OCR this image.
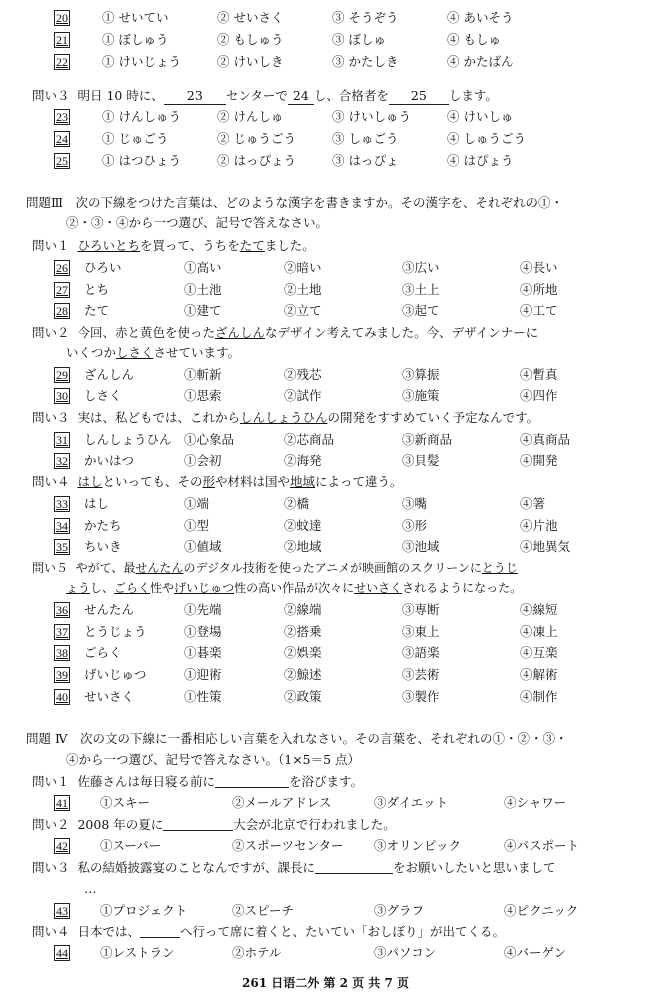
20	① せいてい	② せいさく	③ そうぞう	④ あいそう
21	① ぼしゅう	② もしゅう	③ ぼしゅ	④ もしゅ
22	① けいじょう	② けいしき	③ かたしき	④ かたばん
問い３ 明日 10 時に、 23 センターで 24 し、合格者を 25 します。
23	① けんしゅう	② けんしゅ	③ けいしゅう	④ けいしゅ
24	① じゅごう	② じゅうごう	③ しゅごう	④ しゅうごう
25	① はつひょう	② はっぴょう	③ はっぴょ	④ はぴょう
問題Ⅲ　次の下線をつけた言葉は、どのような漢字を書きますか。その漢字を、それぞれの①・
②・③・④から一つ選び、記号で答えなさい。
問い１ ひろいとちを買って、うちをたてました。
26 ひろい	①高い	②暗い	③広い	④長い
27 とち	①土池	②土地	③土上	④所地
28 たて	①建て	②立て	③起て	④工て
問い２ 今回、赤と黄色を使ったざんしんなデザイン考えてみました。今、デザインナーに
いくつかしさくさせています。
29 ざんしん	①斬新	②残芯	③算振	④暫真
30 しさく	①思索	②試作	③施策	④四作
問い３ 実は、私どもでは、これからしんしょうひんの開発をすすめていく予定なんです。
31 しんしょうひん ①心象品	②芯商品	③新商品	④真商品
32 かいはつ	①会初	②海発	③貝髪	④開発
問い４ はしといっても、その形や材料は国や地域によって違う。
33 はし	①端	②橋	③嘴	④箸
34 かたち	①型	②蚊達	③形	④片池
35 ちいき	①値域	②地域	③池域	④地異気
問い５ やがて、最せんたんのデジタル技術を使ったアニメが映画館のスクリーンにとうじ
ょうし、ごらく性やげいじゅつ性の高い作品が次々にせいさくされるようになった。
36 せんたん	①先端	②線端	③専断	④線短
37 とうじょう	①登場	②搭乗	③東上	④凍上
38 ごらく	①碁楽	②娯楽	③語楽	④互楽
39 げいじゅつ	①迎術	②鯨述	③芸術	④解術
40 せいさく	①性策	②政策	③製作	④制作
問題 Ⅳ　次の文の下線に一番相応しい言葉を入れなさい。その言葉を、それぞれの①・②・③・
④から一つ選び、記号で答えなさい。（1×5＝5 点）
問い１ 佐藤さんは毎日寝る前に	を浴びます。
41	①スキー	②メールアドレス	③ダイエット	④シャワー
問い２ 2008 年の夏に	大会が北京で行われました。
42	①スーパー	②スポーツセンター ③オリンピック	④パスポート
問い３ 私の結婚披露宴のことなんですが、課長に	をお願いしたいと思いまして
…
43	①プロジェクト	②スピーチ	③グラフ	④ピクニック
問い４ 日本では、	へ行って席に着くと、たいてい「おしぼり」が出てくる。
44	①レストラン	②ホテル	③パソコン	④バーゲン
261 日语二外 第 2 页 共 7 页
